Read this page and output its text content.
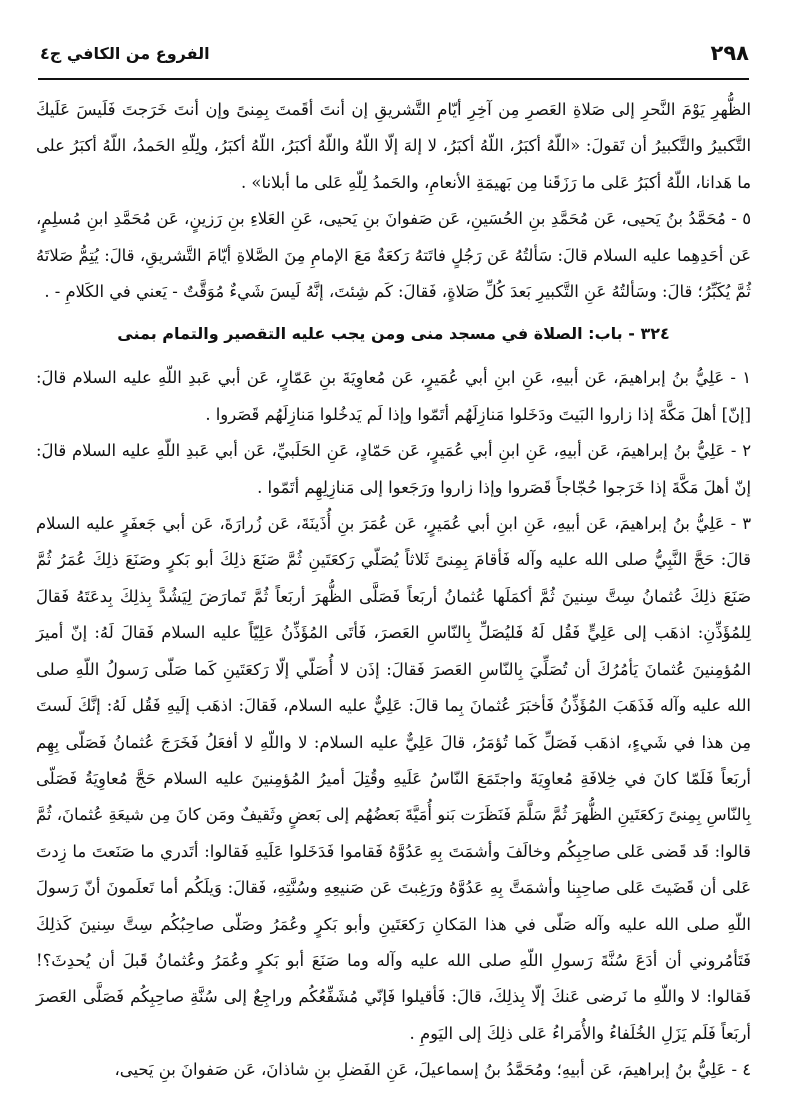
٢٩٨
الفروع من الكافي ج٤

الظُّهرِ يَوْمَ النَّحرِ إلى صَلاةِ العَصرِ مِن آخِرِ أيّامِ التَّشريقِ إن أنتَ أقَمتَ بِمِنىً وإن أنتَ خَرَجتَ فَلَيسَ عَلَيكَ التَّكبيرُ والتَّكبيرُ أن تَقولَ: «اللّهُ أكبَرُ، اللّهُ أكبَرُ، لا إلهَ إلّا اللّهُ واللّهُ أكبَرُ، اللّهُ أكبَرُ، ولِلّهِ الحَمدُ، اللّهُ أكبَرُ على ما هَدانا، اللّهُ أكبَرُ عَلى ما رَزَقَنا مِن بَهيمَةِ الأنعامِ، والحَمدُ لِلّهِ عَلى ما أبلانا» .

٥ - مُحَمَّدُ بنُ يَحيى، عَن مُحَمَّدِ بنِ الحُسَينِ، عَن صَفوانَ بنِ يَحيى، عَنِ العَلاءِ بنِ رَزينٍ، عَن مُحَمَّدِ ابنِ مُسلِمٍ، عَن أحَدِهِما عليه السلام قالَ: سَألتُهُ عَن رَجُلٍ فاتَتهُ رَكعَةٌ مَعَ الإمامِ مِنَ الصَّلاةِ أيّامَ التَّشريقِ، قالَ: يُتِمُّ صَلاتَهُ ثُمَّ يُكَبِّرُ؛ قالَ: وسَألتُهُ عَنِ التَّكبيرِ بَعدَ كُلِّ صَلاةٍ، فَقالَ: كَم شِئتَ، إنَّهُ لَيسَ شَيءٌ مُوَقَّتٌ - يَعني في الكَلامِ - .

٣٢٤ - باب: الصلاة في مسجد منى ومن يجب عليه التقصير والتمام بمنى

١ - عَلِيُّ بنُ إبراهيمَ، عَن أبيهِ، عَنِ ابنِ أبي عُمَيرٍ، عَن مُعاوِيَةَ بنِ عَمّارٍ، عَن أبي عَبدِ اللّهِ عليه السلام قالَ: [إنّ] أهلَ مَكَّةَ إذا زاروا البَيتَ ودَخَلوا مَنازِلَهُم أتَمّوا وإذا لَم يَدخُلوا مَنازِلَهُم قَصَروا .

٢ - عَلِيُّ بنُ إبراهيمَ، عَن أبيهِ، عَنِ ابنِ أبي عُمَيرٍ، عَن حَمّادٍ، عَنِ الحَلَبيِّ، عَن أبي عَبدِ اللّهِ عليه السلام قالَ: إنّ أهلَ مَكَّةَ إذا خَرَجوا حُجّاجاً قَصَروا وإذا زاروا ورَجَعوا إلى مَنازِلِهِم أتَمّوا .

٣ - عَلِيُّ بنُ إبراهيمَ، عَن أبيهِ، عَنِ ابنِ أبي عُمَيرٍ، عَن عُمَرَ بنِ أُذَينَةَ، عَن زُرارَةَ، عَن أبي جَعفَرٍ عليه السلام قالَ: حَجَّ النَّبِيُّ صلى الله عليه وآله فَأقامَ بِمِنىً ثَلاثاً يُصَلّي رَكعَتَينِ ثُمَّ صَنَعَ ذلِكَ أبو بَكرٍ وصَنَعَ ذلِكَ عُمَرُ ثُمَّ صَنَعَ ذلِكَ عُثمانُ سِتَّ سِنينَ ثُمَّ أكمَلَها عُثمانُ أربَعاً فَصَلَّى الظُّهرَ أربَعاً ثُمَّ تَمارَضَ لِيَشُدَّ بِذلِكَ بِدعَتَهُ فَقالَ لِلمُؤَذِّنِ: اذهَب إلى عَلِيٍّ فَقُل لَهُ فَليُصَلِّ بِالنّاسِ العَصرَ، فَأتَى المُؤَذِّنُ عَلِيّاً عليه السلام فَقالَ لَهُ: إنّ أميرَ المُؤمِنينَ عُثمانَ يَأمُرُكَ أن تُصَلِّيَ بِالنّاسِ العَصرَ فَقالَ: إذَن لا أُصَلّي إلّا رَكعَتَينِ كَما صَلّى رَسولُ اللّهِ صلى الله عليه وآله فَذَهَبَ المُؤَذِّنُ فَأخبَرَ عُثمانَ بِما قالَ: عَلِيٌّ عليه السلام، فَقالَ: اذهَب إلَيهِ فَقُل لَهُ: إنَّكَ لَستَ مِن هذا في شَيءٍ، اذهَب فَصَلِّ كَما تُؤمَرُ، قالَ عَلِيٌّ عليه السلام: لا واللّهِ لا أفعَلُ فَخَرَجَ عُثمانُ فَصَلّى بِهِم أربَعاً فَلَمّا كانَ في خِلافَةِ مُعاوِيَةَ واجتَمَعَ النّاسُ عَلَيهِ وقُتِلَ أميرُ المُؤمِنينَ عليه السلام حَجَّ مُعاوِيَةُ فَصَلّى بِالنّاسِ بِمِنىً رَكعَتَينِ الظُّهرَ ثُمَّ سَلَّمَ فَنَظَرَت بَنو أُمَيَّةَ بَعضُهُم إلى بَعضٍ وثَقيفٌ ومَن كانَ مِن شيعَةِ عُثمانَ، ثُمَّ قالوا: قَد قَضى عَلى صاحِبِكُم وخالَفَ وأشمَتَ بِهِ عَدُوَّهُ فَقاموا فَدَخَلوا عَلَيهِ فَقالوا: أتَدري ما صَنَعتَ ما زِدتَ عَلى أن قَضَيتَ عَلى صاحِبِنا وأشمَتَّ بِهِ عَدُوَّهُ ورَغِبتَ عَن صَنيعِهِ وسُنَّتِهِ، فَقالَ: وَيلَكُم أما تَعلَمونَ أنّ رَسولَ اللّهِ صلى الله عليه وآله صَلّى في هذا المَكانِ رَكعَتَينِ وأبو بَكرٍ وعُمَرُ وصَلّى صاحِبُكُم سِتَّ سِنينَ كَذلِكَ فَتَأمُروني أن أدَعَ سُنَّةَ رَسولِ اللّهِ صلى الله عليه وآله وما صَنَعَ أبو بَكرٍ وعُمَرُ وعُثمانُ قَبلَ أن يُحدِثَ؟! فَقالوا: لا واللّهِ ما نَرضى عَنكَ إلّا بِذلِكَ، قالَ: فَأقيلوا فَإنّي مُشَفِّعُكُم وراجِعٌ إلى سُنَّةِ صاحِبِكُم فَصَلَّى العَصرَ أربَعاً فَلَم يَزَلِ الخُلَفاءُ والأُمَراءُ عَلى ذلِكَ إلى اليَومِ .

٤ - عَلِيُّ بنُ إبراهيمَ، عَن أبيهِ؛ ومُحَمَّدُ بنُ إسماعيلَ، عَنِ الفَضلِ بنِ شاذانَ، عَن صَفوانَ بنِ يَحيى،
